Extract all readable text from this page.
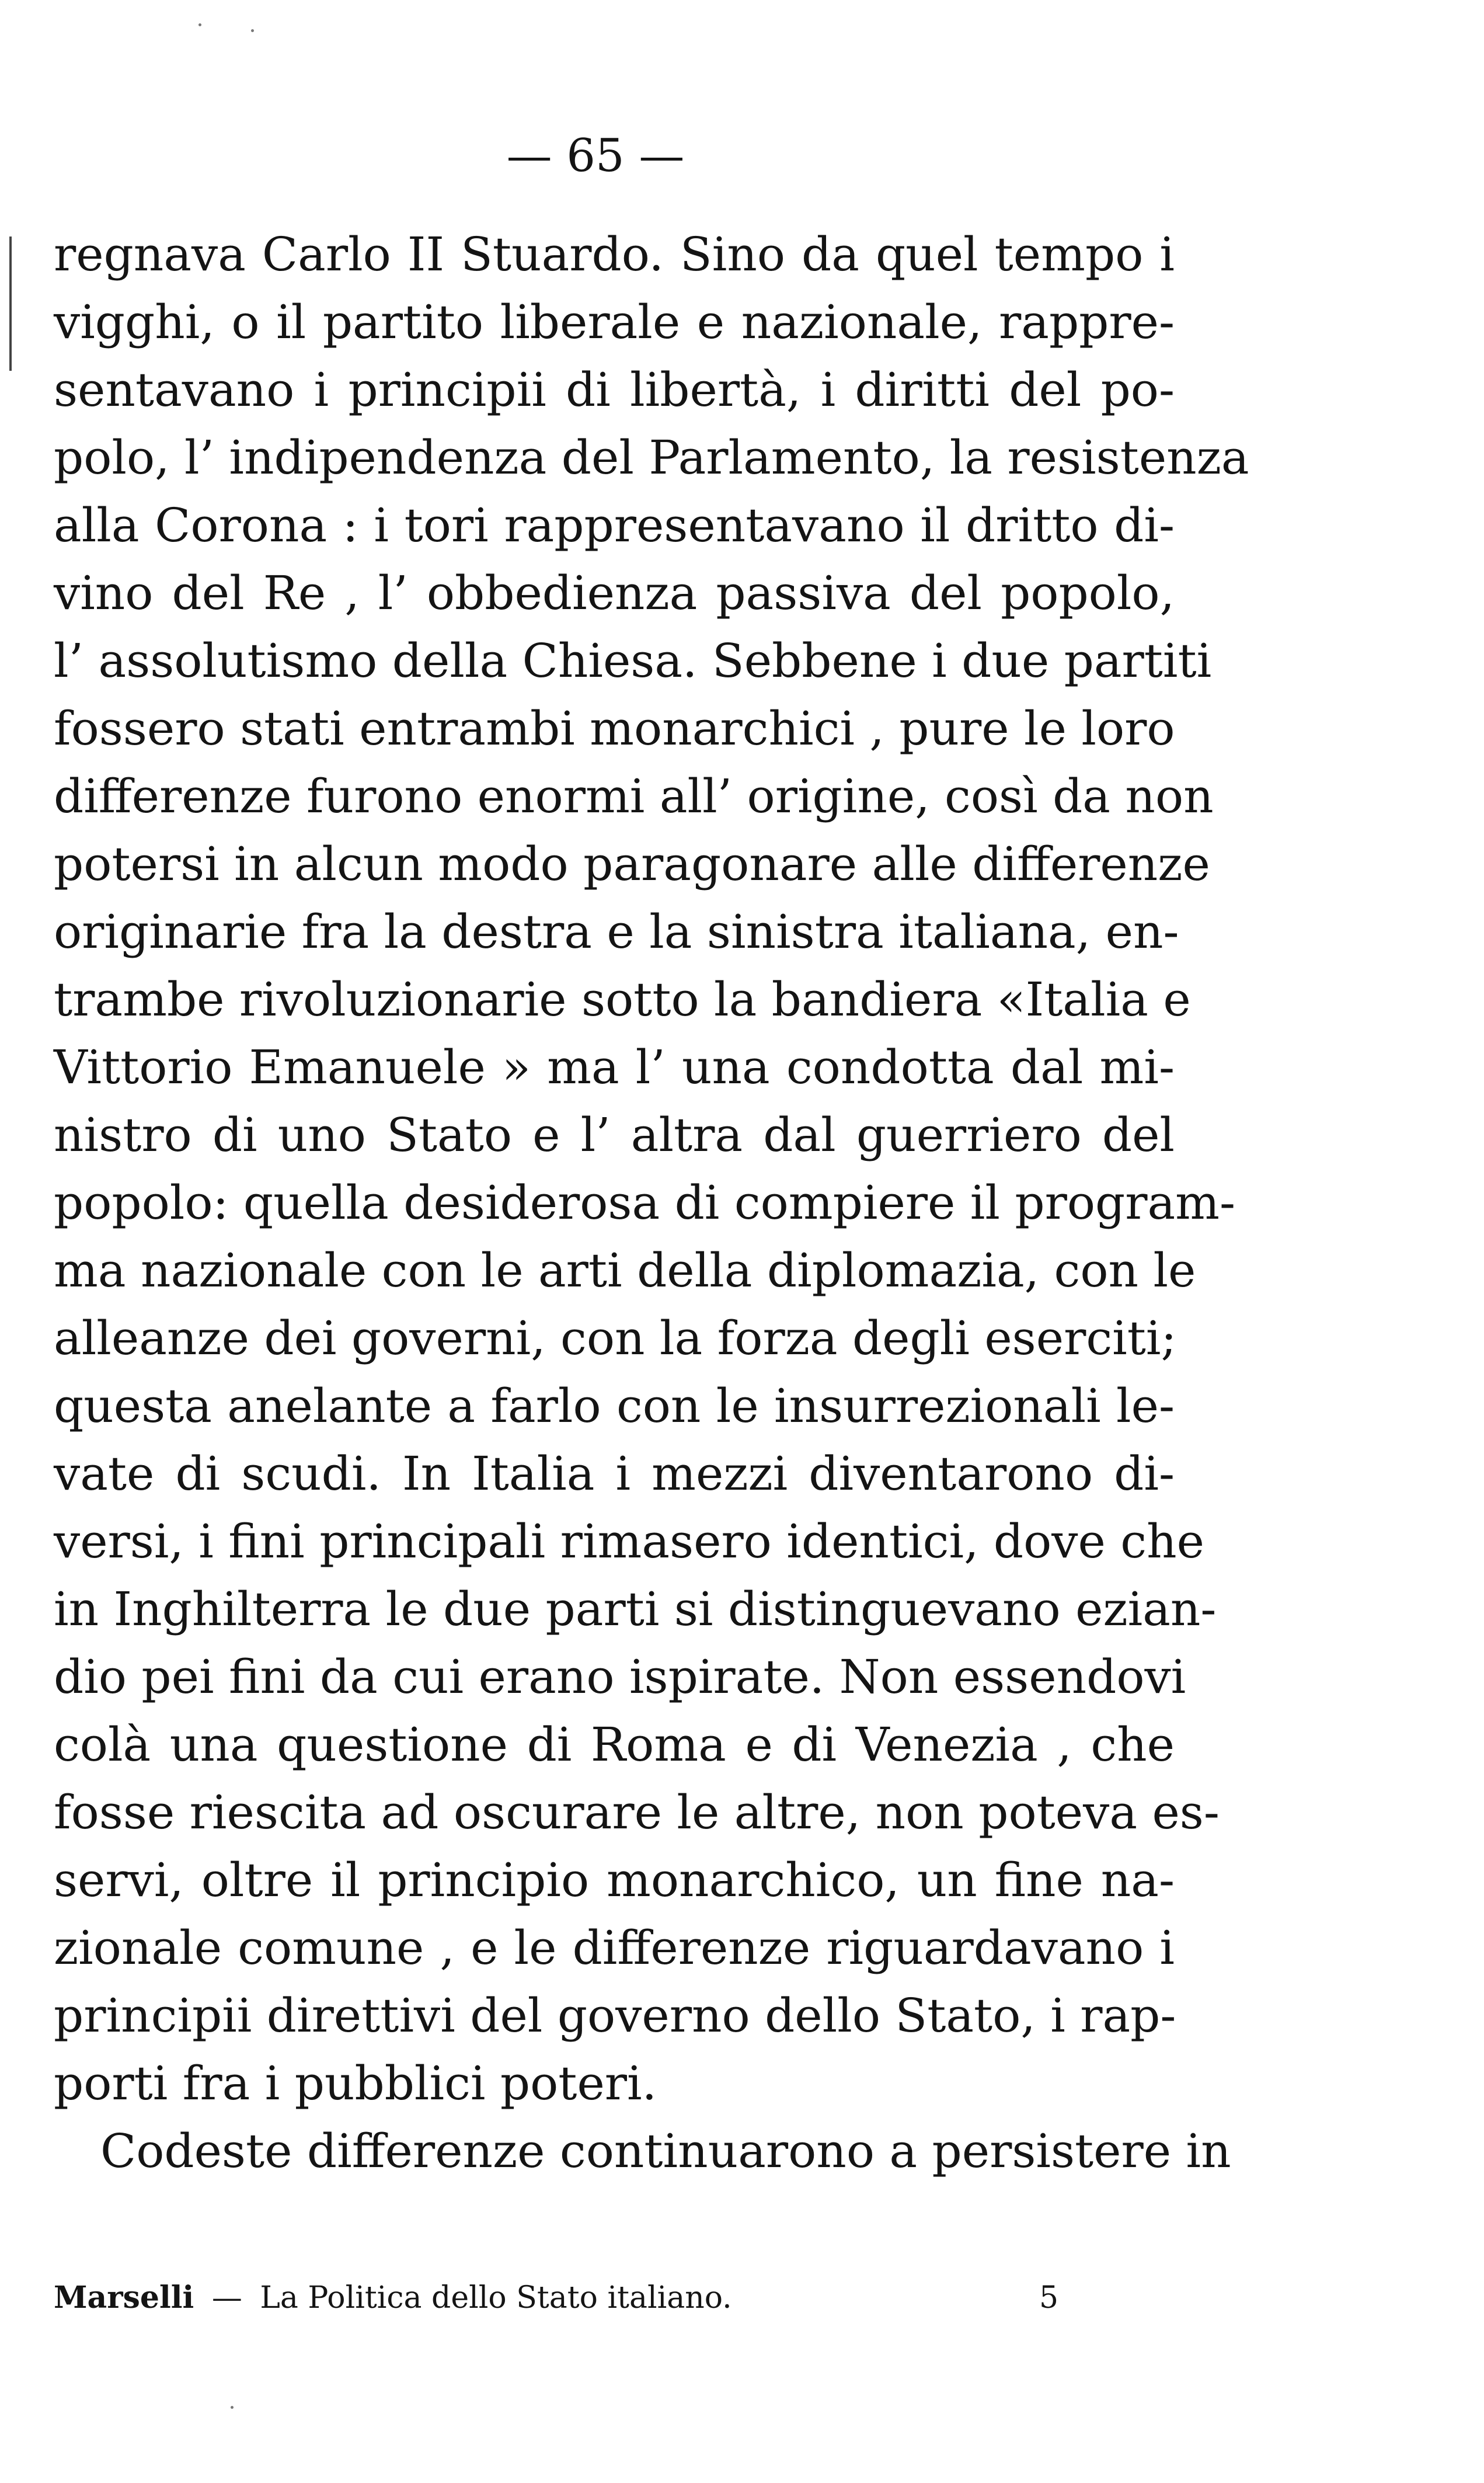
— 65 —
regnava Carlo II Stuardo. Sino da quel tempo i
vigghi, o il partito liberale e nazionale, rappre-
sentavano i principii di libertà, i diritti del po-
polo, l’ indipendenza del Parlamento, la resistenza
alla Corona : i tori rappresentavano il dritto di-
vino del Re , l’ obbedienza passiva del popolo,
l’ assolutismo della Chiesa. Sebbene i due partiti
fossero stati entrambi monarchici , pure le loro
differenze furono enormi all’ origine, così da non
potersi in alcun modo paragonare alle differenze
originarie fra la destra e la sinistra italiana, en-
trambe rivoluzionarie sotto la bandiera «Italia e
Vittorio Emanuele » ma l’ una condotta dal mi-
nistro di uno Stato e l’ altra dal guerriero del
popolo: quella desiderosa di compiere il program-
ma nazionale con le arti della diplomazia, con le
alleanze dei governi, con la forza degli eserciti;
questa anelante a farlo con le insurrezionali le-
vate di scudi. In Italia i mezzi diventarono di-
versi, i fini principali rimasero identici, dove che
in Inghilterra le due parti si distinguevano ezian-
dio pei fini da cui erano ispirate. Non essendovi
colà una questione di Roma e di Venezia , che
fosse riescita ad oscurare le altre, non poteva es-
servi, oltre il principio monarchico, un fine na-
zionale comune , e le differenze riguardavano i
principii direttivi del governo dello Stato, i rap-
porti fra i pubblici poteri.
Codeste differenze continuarono a persistere in
Marselli — La Politica dello Stato italiano.	5
